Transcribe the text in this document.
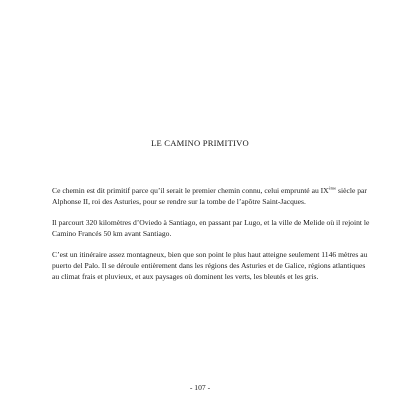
LE CAMINO PRIMITIVO

Ce chemin est dit primitif parce qu’il serait le premier chemin connu, celui emprunté au IXème siècle par Alphonse II, roi des Asturies, pour se rendre sur la tombe de l’apôtre Saint-Jacques.

Il parcourt 320 kilomètres d’Oviedo à Santiago, en passant par Lugo, et la ville de Melide où il rejoint le Camino Francés 50 km avant Santiago.

C’est un itinéraire assez montagneux, bien que son point le plus haut atteigne seulement 1146 mètres au puerto del Palo. Il se déroule entièrement dans les régions des Asturies et de Galice, régions atlantiques au climat frais et pluvieux, et aux paysages où dominent les verts, les bleutés et les gris.

- 107 -
